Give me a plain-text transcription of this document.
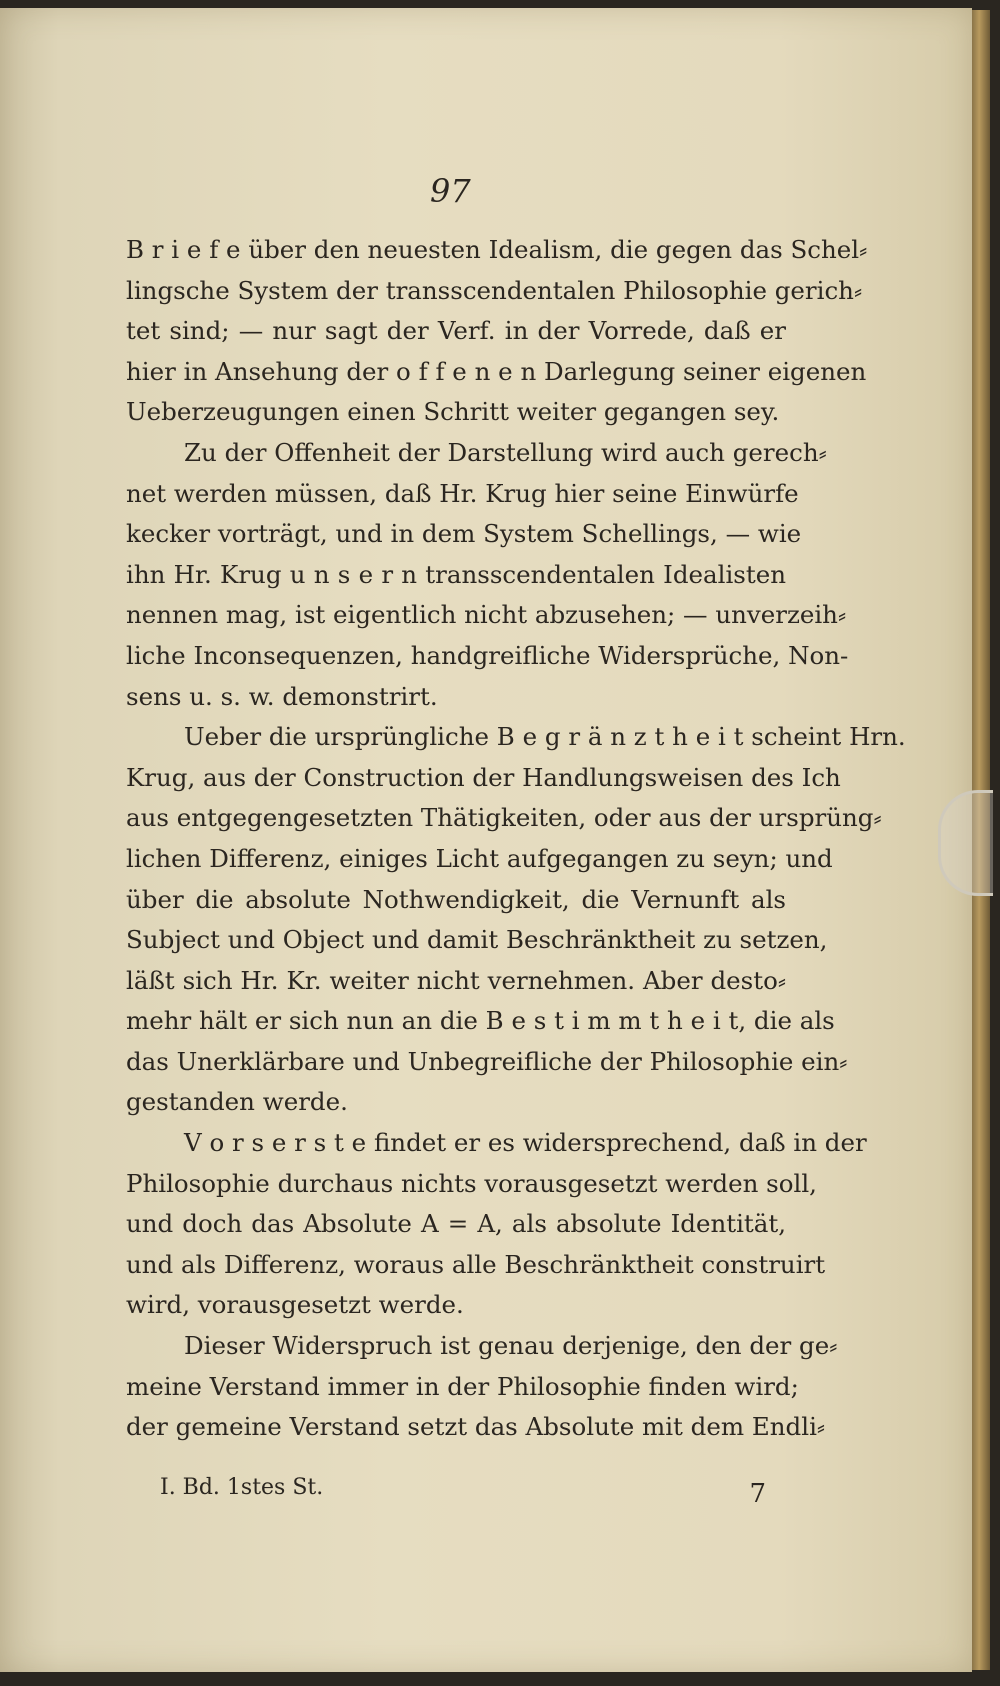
97
B r i e f e über den neuesten Idealism, die gegen das Schel⸗
lingsche System der transscendentalen Philosophie gerich⸗
tet sind; — nur sagt der Verf. in der Vorrede, daß er
hier in Ansehung der o f f e n e n Darlegung seiner eigenen
Ueberzeugungen einen Schritt weiter gegangen sey.
Zu der Offenheit der Darstellung wird auch gerech⸗
net werden müssen, daß Hr. Krug hier seine Einwürfe
kecker vorträgt, und in dem System Schellings, — wie
ihn Hr. Krug u n s e r n transscendentalen Idealisten
nennen mag, ist eigentlich nicht abzusehen; — unverzeih⸗
liche Inconsequenzen, handgreifliche Widersprüche, Non-
sens u. s. w. demonstrirt.
Ueber die ursprüngliche B e g r ä n z t h e i t scheint Hrn.
Krug, aus der Construction der Handlungsweisen des Ich
aus entgegengesetzten Thätigkeiten, oder aus der ursprüng⸗
lichen Differenz, einiges Licht aufgegangen zu seyn; und
über die absolute Nothwendigkeit, die Vernunft als
Subject und Object und damit Beschränktheit zu setzen,
läßt sich Hr. Kr. weiter nicht vernehmen. Aber desto⸗
mehr hält er sich nun an die B e s t i m m t h e i t, die als
das Unerklärbare und Unbegreifliche der Philosophie ein⸗
gestanden werde.
V o r s e r s t e findet er es widersprechend, daß in der
Philosophie durchaus nichts vorausgesetzt werden soll,
und doch das Absolute A = A, als absolute Identität,
und als Differenz, woraus alle Beschränktheit construirt
wird, vorausgesetzt werde.
Dieser Widerspruch ist genau derjenige, den der ge⸗
meine Verstand immer in der Philosophie finden wird;
der gemeine Verstand setzt das Absolute mit dem Endli⸗
I. Bd. 1stes St.	7
